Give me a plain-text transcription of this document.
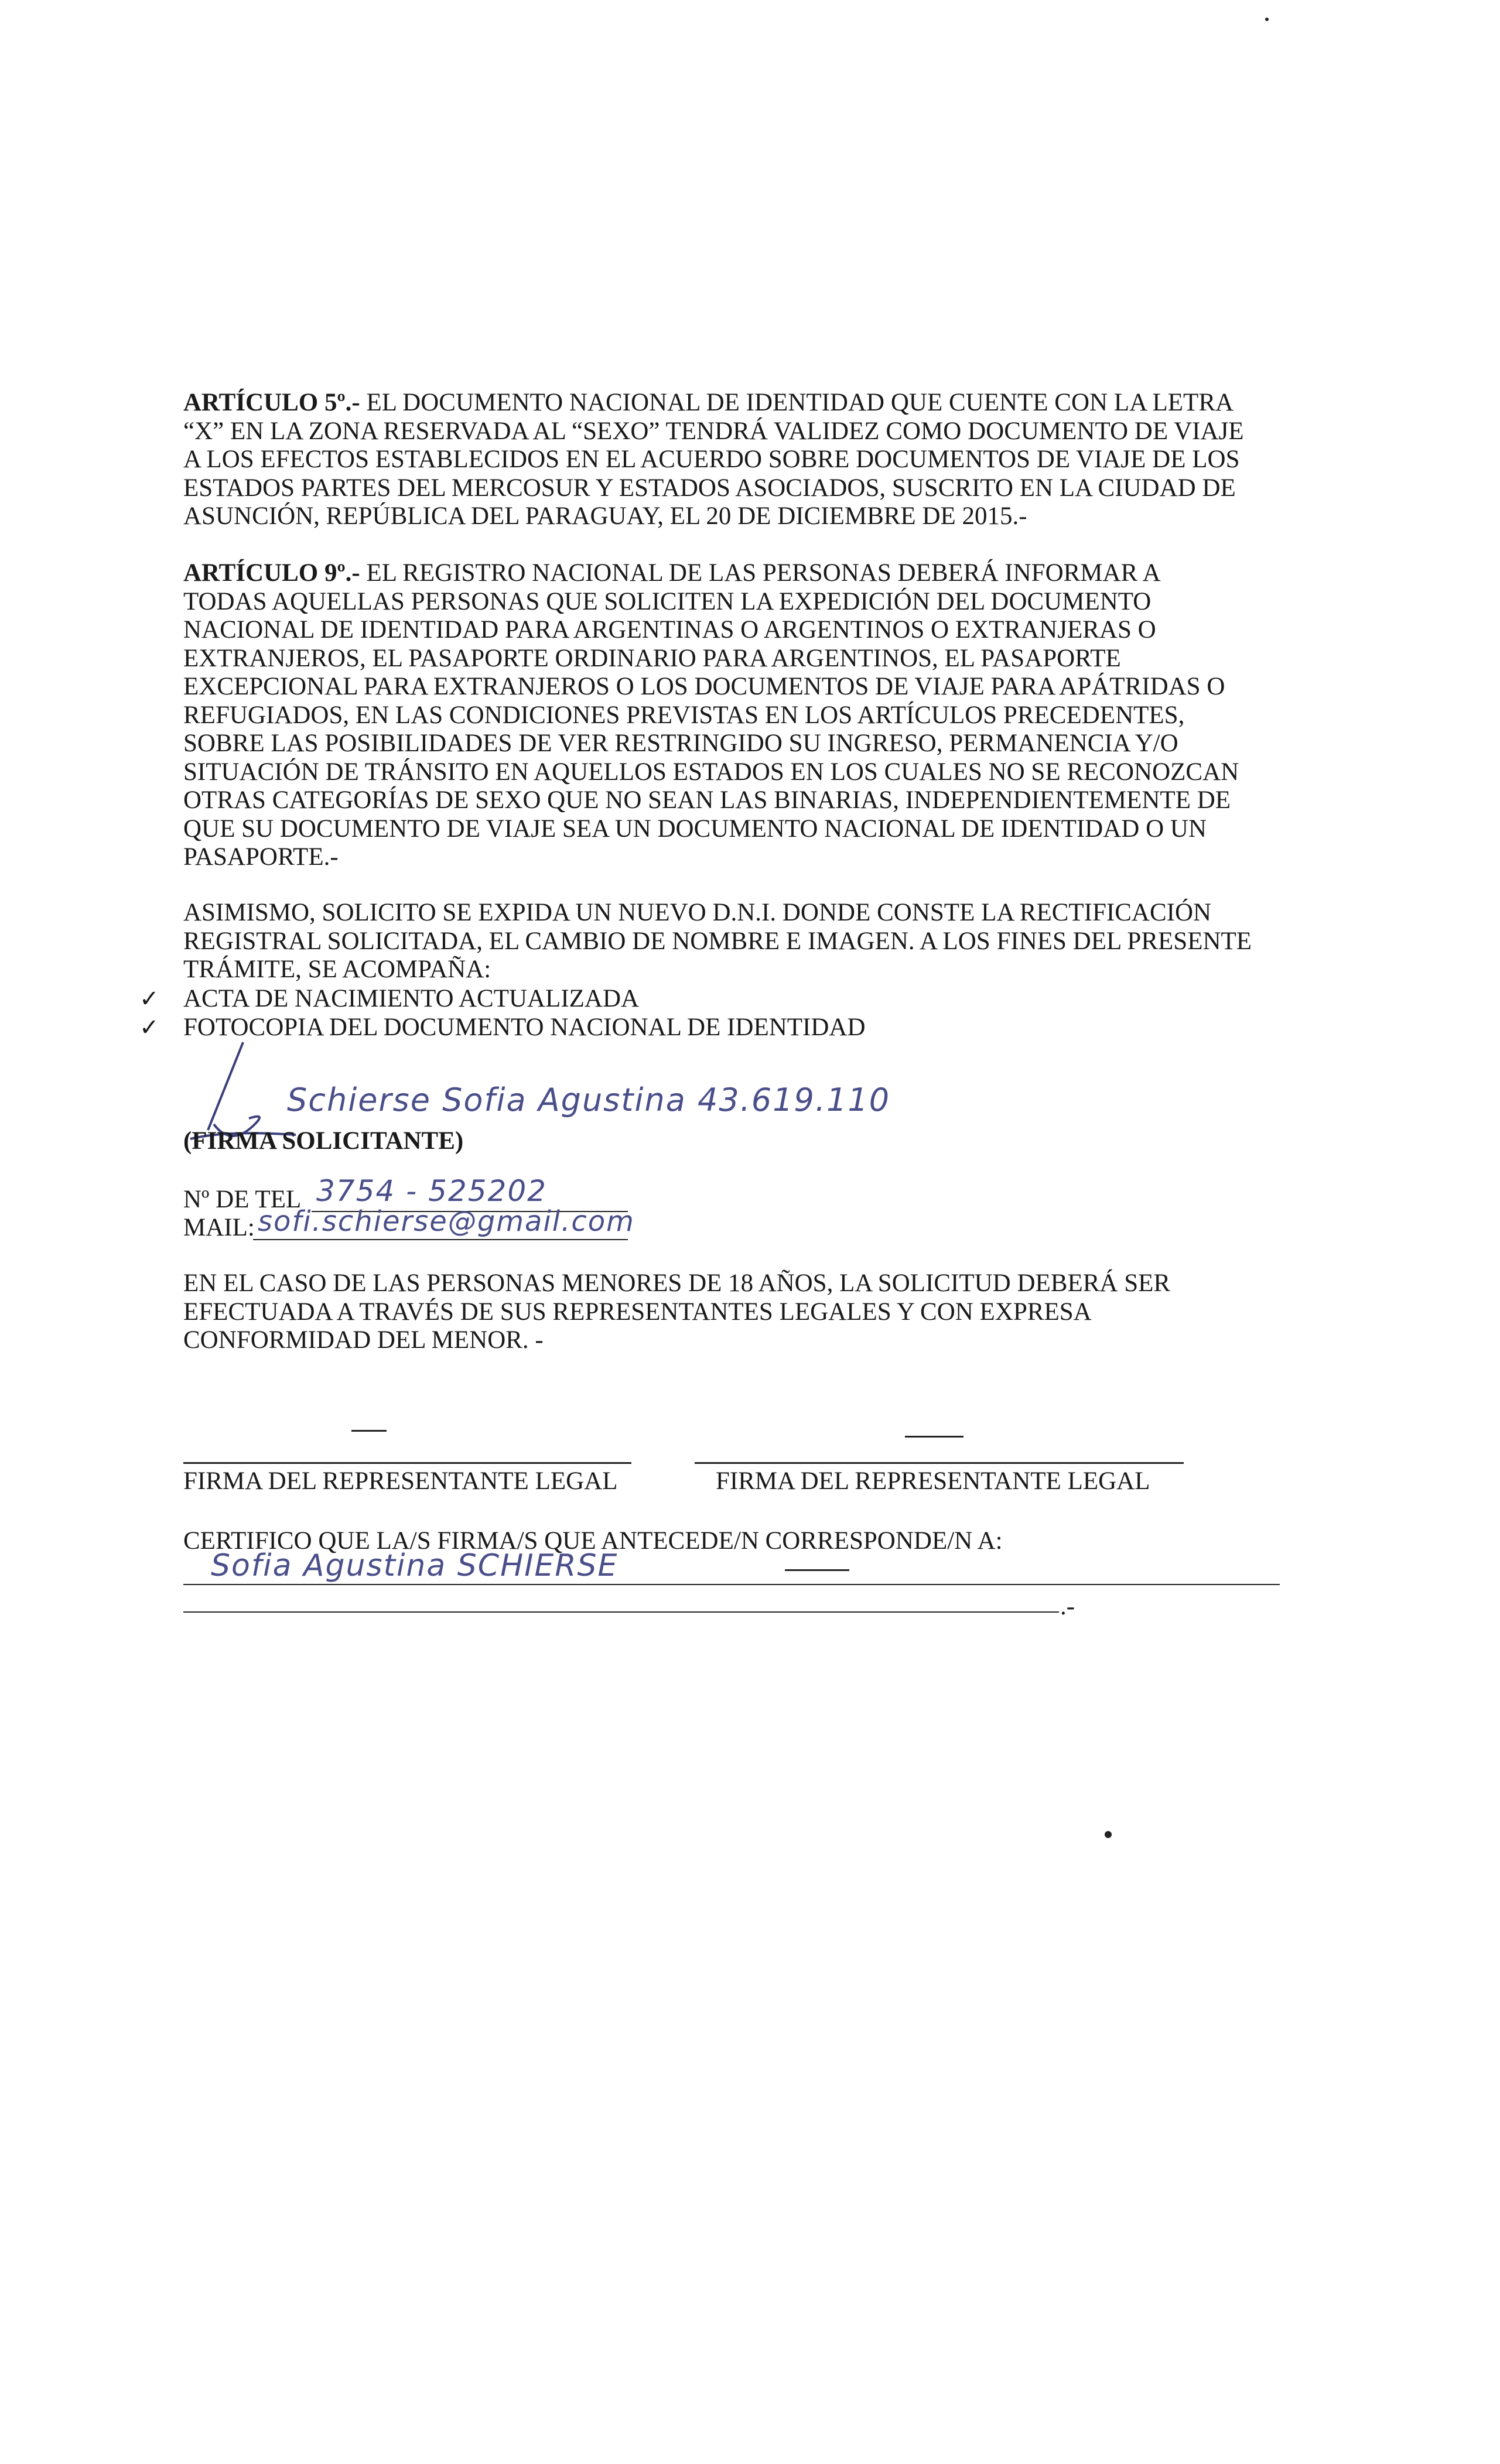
ARTÍCULO 5º.- EL DOCUMENTO NACIONAL DE IDENTIDAD QUE CUENTE CON LA LETRA
“X” EN LA ZONA RESERVADA AL “SEXO” TENDRÁ VALIDEZ COMO DOCUMENTO DE VIAJE
A LOS EFECTOS ESTABLECIDOS EN EL ACUERDO SOBRE DOCUMENTOS DE VIAJE DE LOS
ESTADOS PARTES DEL MERCOSUR Y ESTADOS ASOCIADOS, SUSCRITO EN LA CIUDAD DE
ASUNCIÓN, REPÚBLICA DEL PARAGUAY, EL 20 DE DICIEMBRE DE 2015.-
ARTÍCULO 9º.- EL REGISTRO NACIONAL DE LAS PERSONAS DEBERÁ INFORMAR A
TODAS AQUELLAS PERSONAS QUE SOLICITEN LA EXPEDICIÓN DEL DOCUMENTO
NACIONAL DE IDENTIDAD PARA ARGENTINAS O ARGENTINOS O EXTRANJERAS O
EXTRANJEROS, EL PASAPORTE ORDINARIO PARA ARGENTINOS, EL PASAPORTE
EXCEPCIONAL PARA EXTRANJEROS O LOS DOCUMENTOS DE VIAJE PARA APÁTRIDAS O
REFUGIADOS, EN LAS CONDICIONES PREVISTAS EN LOS ARTÍCULOS PRECEDENTES,
SOBRE LAS POSIBILIDADES DE VER RESTRINGIDO SU INGRESO, PERMANENCIA Y/O
SITUACIÓN DE TRÁNSITO EN AQUELLOS ESTADOS EN LOS CUALES NO SE RECONOZCAN
OTRAS CATEGORÍAS DE SEXO QUE NO SEAN LAS BINARIAS, INDEPENDIENTEMENTE DE
QUE SU DOCUMENTO DE VIAJE SEA UN DOCUMENTO NACIONAL DE IDENTIDAD O UN
PASAPORTE.-
ASIMISMO, SOLICITO SE EXPIDA UN NUEVO D.N.I. DONDE CONSTE LA RECTIFICACIÓN
REGISTRAL SOLICITADA, EL CAMBIO DE NOMBRE E IMAGEN. A LOS FINES DEL PRESENTE
TRÁMITE, SE ACOMPAÑA:
✓ ACTA DE NACIMIENTO ACTUALIZADA
✓ FOTOCOPIA DEL DOCUMENTO NACIONAL DE IDENTIDAD
Schierse Sofia Agustina 43.619.110
(FIRMA SOLICITANTE)
Nº DE TEL 3754 - 525202
MAIL: sofi.schierse@gmail.com
EN EL CASO DE LAS PERSONAS MENORES DE 18 AÑOS, LA SOLICITUD DEBERÁ SER
EFECTUADA A TRAVÉS DE SUS REPRESENTANTES LEGALES Y CON EXPRESA
CONFORMIDAD DEL MENOR. -
FIRMA DEL REPRESENTANTE LEGAL	FIRMA DEL REPRESENTANTE LEGAL
CERTIFICO QUE LA/S FIRMA/S QUE ANTECEDE/N CORRESPONDE/N A:
Sofia Agustina SCHIERSE
.-
